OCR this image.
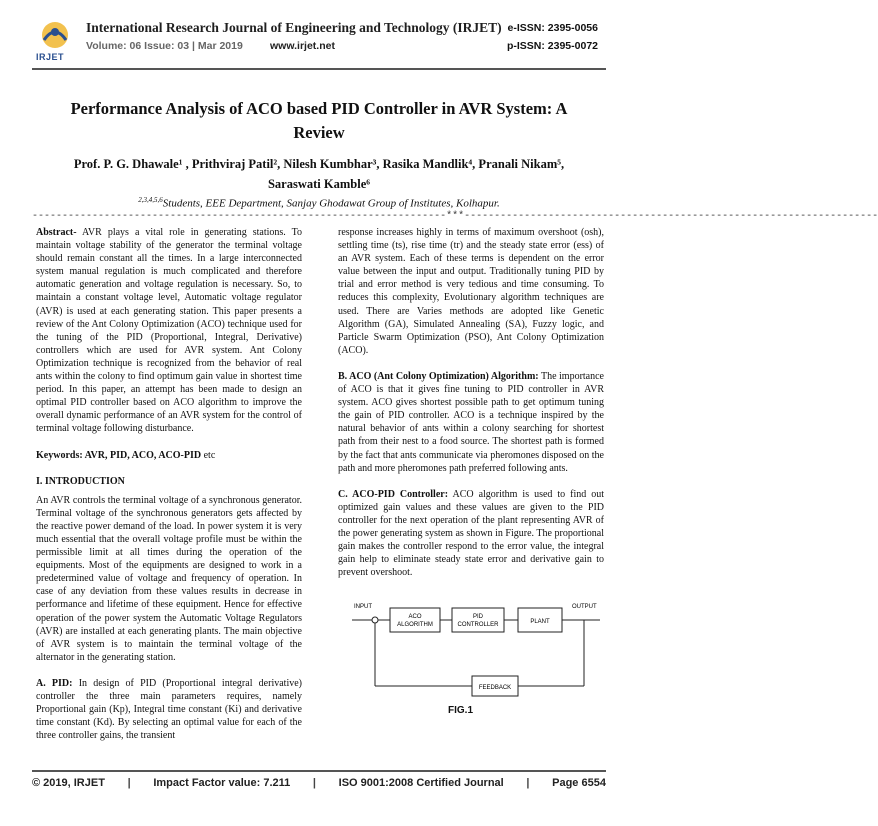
IRJET
International Research Journal of Engineering and Technology (IRJET)
Volume: 06 Issue: 03 | Mar 2019	www.irjet.net
e-ISSN: 2395-0056
p-ISSN: 2395-0072
Performance Analysis of ACO based PID Controller in AVR System: A Review
Prof. P. G. Dhawale¹ , Prithviraj Patil², Nilesh Kumbhar³, Rasika Mandlik⁴, Pranali Nikam⁵, Saraswati Kamble⁶
$^{2,3,4,5,6}$Students, EEE Department, Sanjay Ghodawat Group of Institutes, Kolhapur.
---------------------------------------------------------------------***---------------------------------------------------------------------

Abstract- AVR plays a vital role in generating stations. To maintain voltage stability of the generator the terminal voltage should remain constant all the times. In a large interconnected system manual regulation is much complicated and therefore automatic generation and voltage regulation is necessary. So, to maintain a constant voltage level, Automatic voltage regulator (AVR) is used at each generating station. This paper presents a review of the Ant Colony Optimization (ACO) technique used for the tuning of the PID (Proportional, Integral, Derivative) controllers which are used for AVR system. Ant Colony Optimization technique is recognized from the behavior of real ants within the colony to find optimum gain value in shortest time period. In this paper, an attempt has been made to design an optimal PID controller based on ACO algorithm to improve the overall dynamic performance of an AVR system for the control of terminal voltage following disturbance.

Keywords: AVR, PID, ACO, ACO-PID etc

I. INTRODUCTION

An AVR controls the terminal voltage of a synchronous generator. Terminal voltage of the synchronous generators gets affected by the reactive power demand of the load. In power system it is very much essential that the overall voltage profile must be within the permissible limit at all times during the operation of the equipments. Most of the equipments are designed to work in a predetermined value of voltage and frequency of operation. In case of any deviation from these values results in decrease in performance and lifetime of these equipment. Hence for effective operation of the power system the Automatic Voltage Regulators (AVR) are installed at each generating plants. The main objective of AVR system is to maintain the terminal voltage of the alternator in the generating station.

A. PID: In design of PID (Proportional integral derivative) controller the three main parameters requires, namely Proportional gain (Kp), Integral time constant (Ki) and derivative time constant (Kd). By selecting an optimal value for each of the three controller gains, the transient

response increases highly in terms of maximum overshoot (osh), settling time (ts), rise time (tr) and the steady state error (ess) of an AVR system. Each of these terms is dependent on the error value between the input and output. Traditionally tuning PID by trial and error method is very tedious and time consuming. To reduces this complexity, Evolutionary algorithm techniques are used. There are Varies methods are adopted like Genetic Algorithm (GA), Simulated Annealing (SA), Fuzzy logic, and Particle Swarm Optimization (PSO), Ant Colony Optimization (ACO).

B. ACO (Ant Colony Optimization) Algorithm: The importance of ACO is that it gives fine tuning to PID controller in AVR system. ACO gives shortest possible path to get optimum tuning the gain of PID controller. ACO is a technique inspired by the natural behavior of ants within a colony searching for shortest path from their nest to a food source. The shortest path is formed by the fact that ants communicate via pheromones disposed on the path and more pheromones path preferred following ants.

C. ACO-PID Controller: ACO algorithm is used to find out optimized gain values and these values are given to the PID controller for the next operation of the plant representing AVR of the power generating system as shown in Figure. The proportional gain makes the controller respond to the error value, the integral gain help to eliminate steady state error and derivative gain to prevent overshoot.

INPUT
ACO
ALGORITHM
PID
CONTROLLER	PLANT
OUTPUT
FEEDBACK
FIG.1
© 2019, IRJET | Impact Factor value: 7.211 | ISO 9001:2008 Certified Journal | Page 6554
